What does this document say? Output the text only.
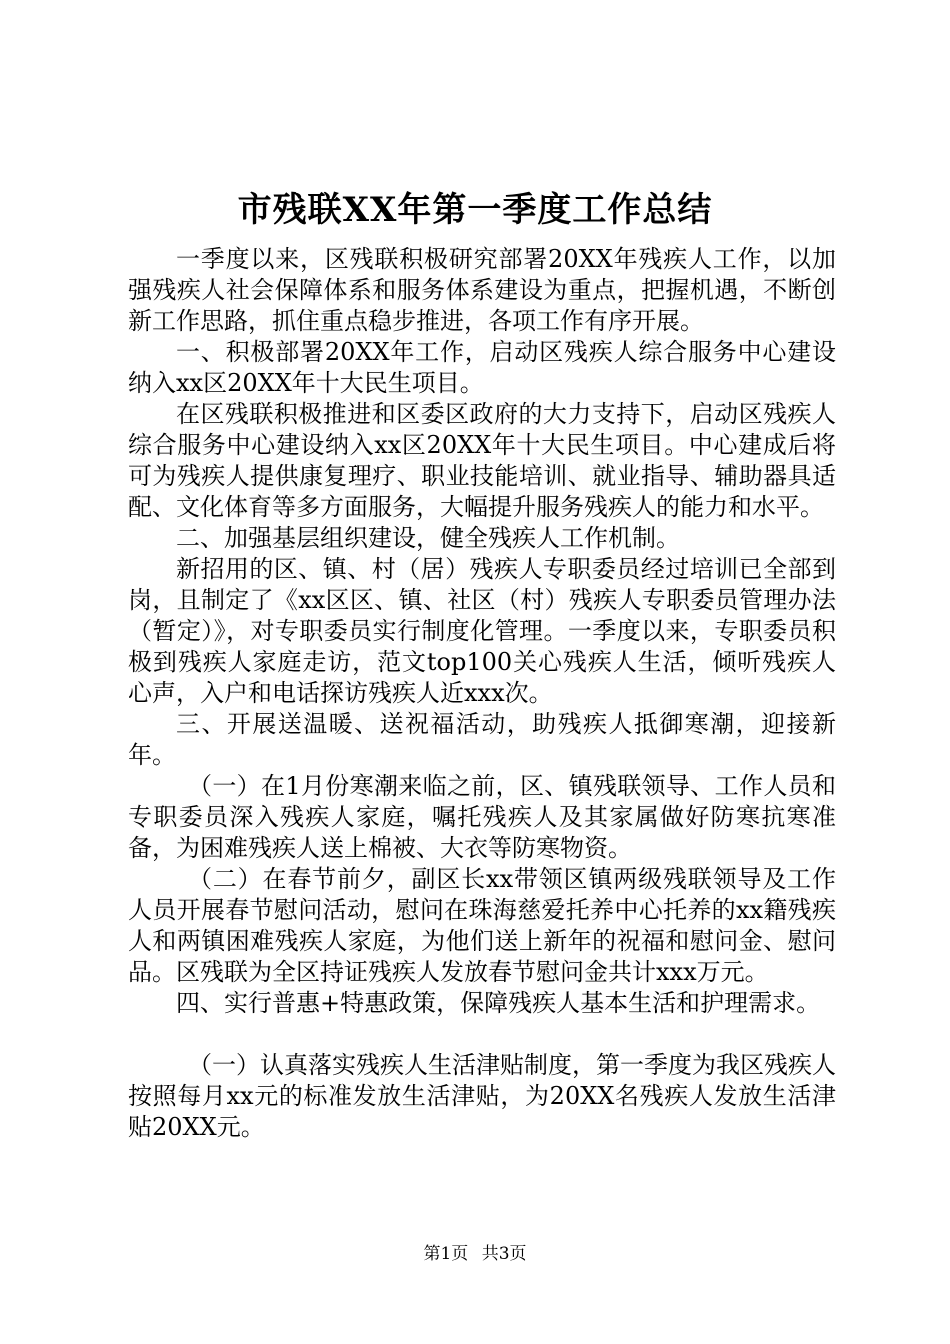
市残联XX年第一季度工作总结

一季度以来，区残联积极研究部署20XX年残疾人工作，以加强残疾人社会保障体系和服务体系建设为重点，把握机遇，不断创新工作思路，抓住重点稳步推进，各项工作有序开展。

一、积极部署20XX年工作，启动区残疾人综合服务中心建设纳入xx区20XX年十大民生项目。

在区残联积极推进和区委区政府的大力支持下，启动区残疾人综合服务中心建设纳入xx区20XX年十大民生项目。中心建成后将可为残疾人提供康复理疗、职业技能培训、就业指导、辅助器具适配、文化体育等多方面服务，大幅提升服务残疾人的能力和水平。

二、加强基层组织建设，健全残疾人工作机制。

新招用的区、镇、村（居）残疾人专职委员经过培训已全部到岗，且制定了《xx区区、镇、社区（村）残疾人专职委员管理办法（暂定）》，对专职委员实行制度化管理。一季度以来，专职委员积极到残疾人家庭走访，范文top100关心残疾人生活，倾听残疾人心声，入户和电话探访残疾人近xxx次。

三、开展送温暖、送祝福活动，助残疾人抵御寒潮，迎接新年。

（一）在1月份寒潮来临之前，区、镇残联领导、工作人员和专职委员深入残疾人家庭，嘱托残疾人及其家属做好防寒抗寒准备，为困难残疾人送上棉被、大衣等防寒物资。

（二）在春节前夕，副区长xx带领区镇两级残联领导及工作人员开展春节慰问活动，慰问在珠海慈爱托养中心托养的xx籍残疾人和两镇困难残疾人家庭，为他们送上新年的祝福和慰问金、慰问品。区残联为全区持证残疾人发放春节慰问金共计xxx万元。

四、实行普惠+特惠政策，保障残疾人基本生活和护理需求。

（一）认真落实残疾人生活津贴制度，第一季度为我区残疾人按照每月xx元的标准发放生活津贴，为20XX名残疾人发放生活津贴20XX元。

第1页 共3页
